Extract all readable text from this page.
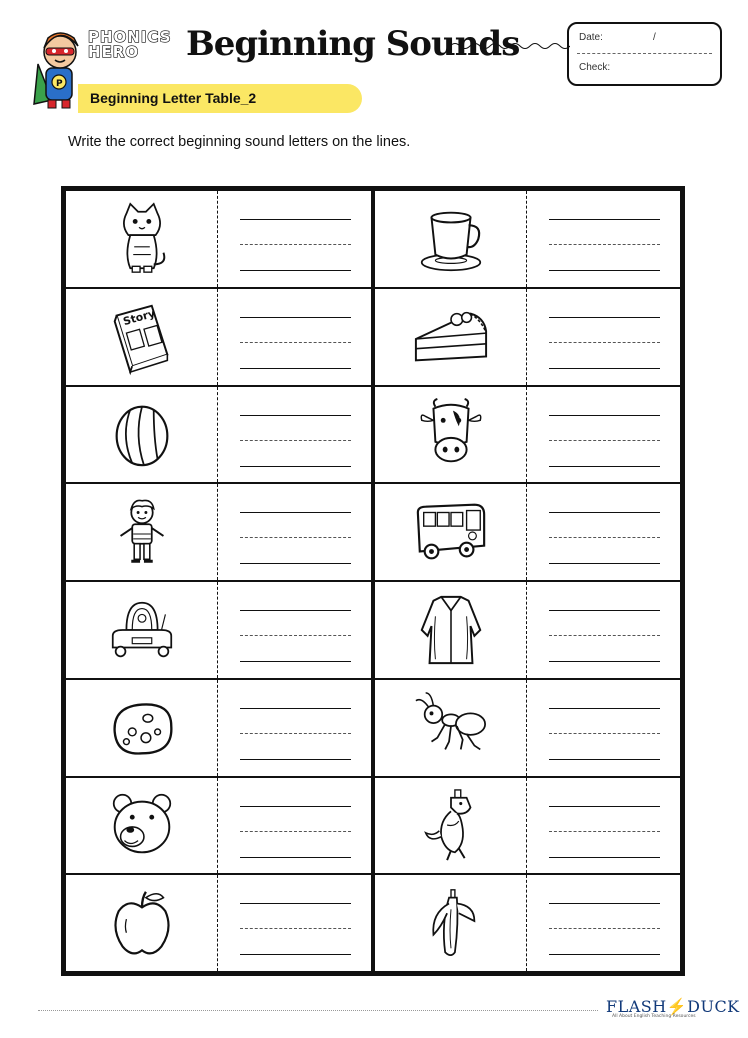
P
PHONICS
HERO	Beginning Sounds
Beginning Letter Table_2
Date:	/
Check:
Write the correct beginning sound letters on the lines.
Story
FLASH⚡DUCK
All About English Teaching Resources
